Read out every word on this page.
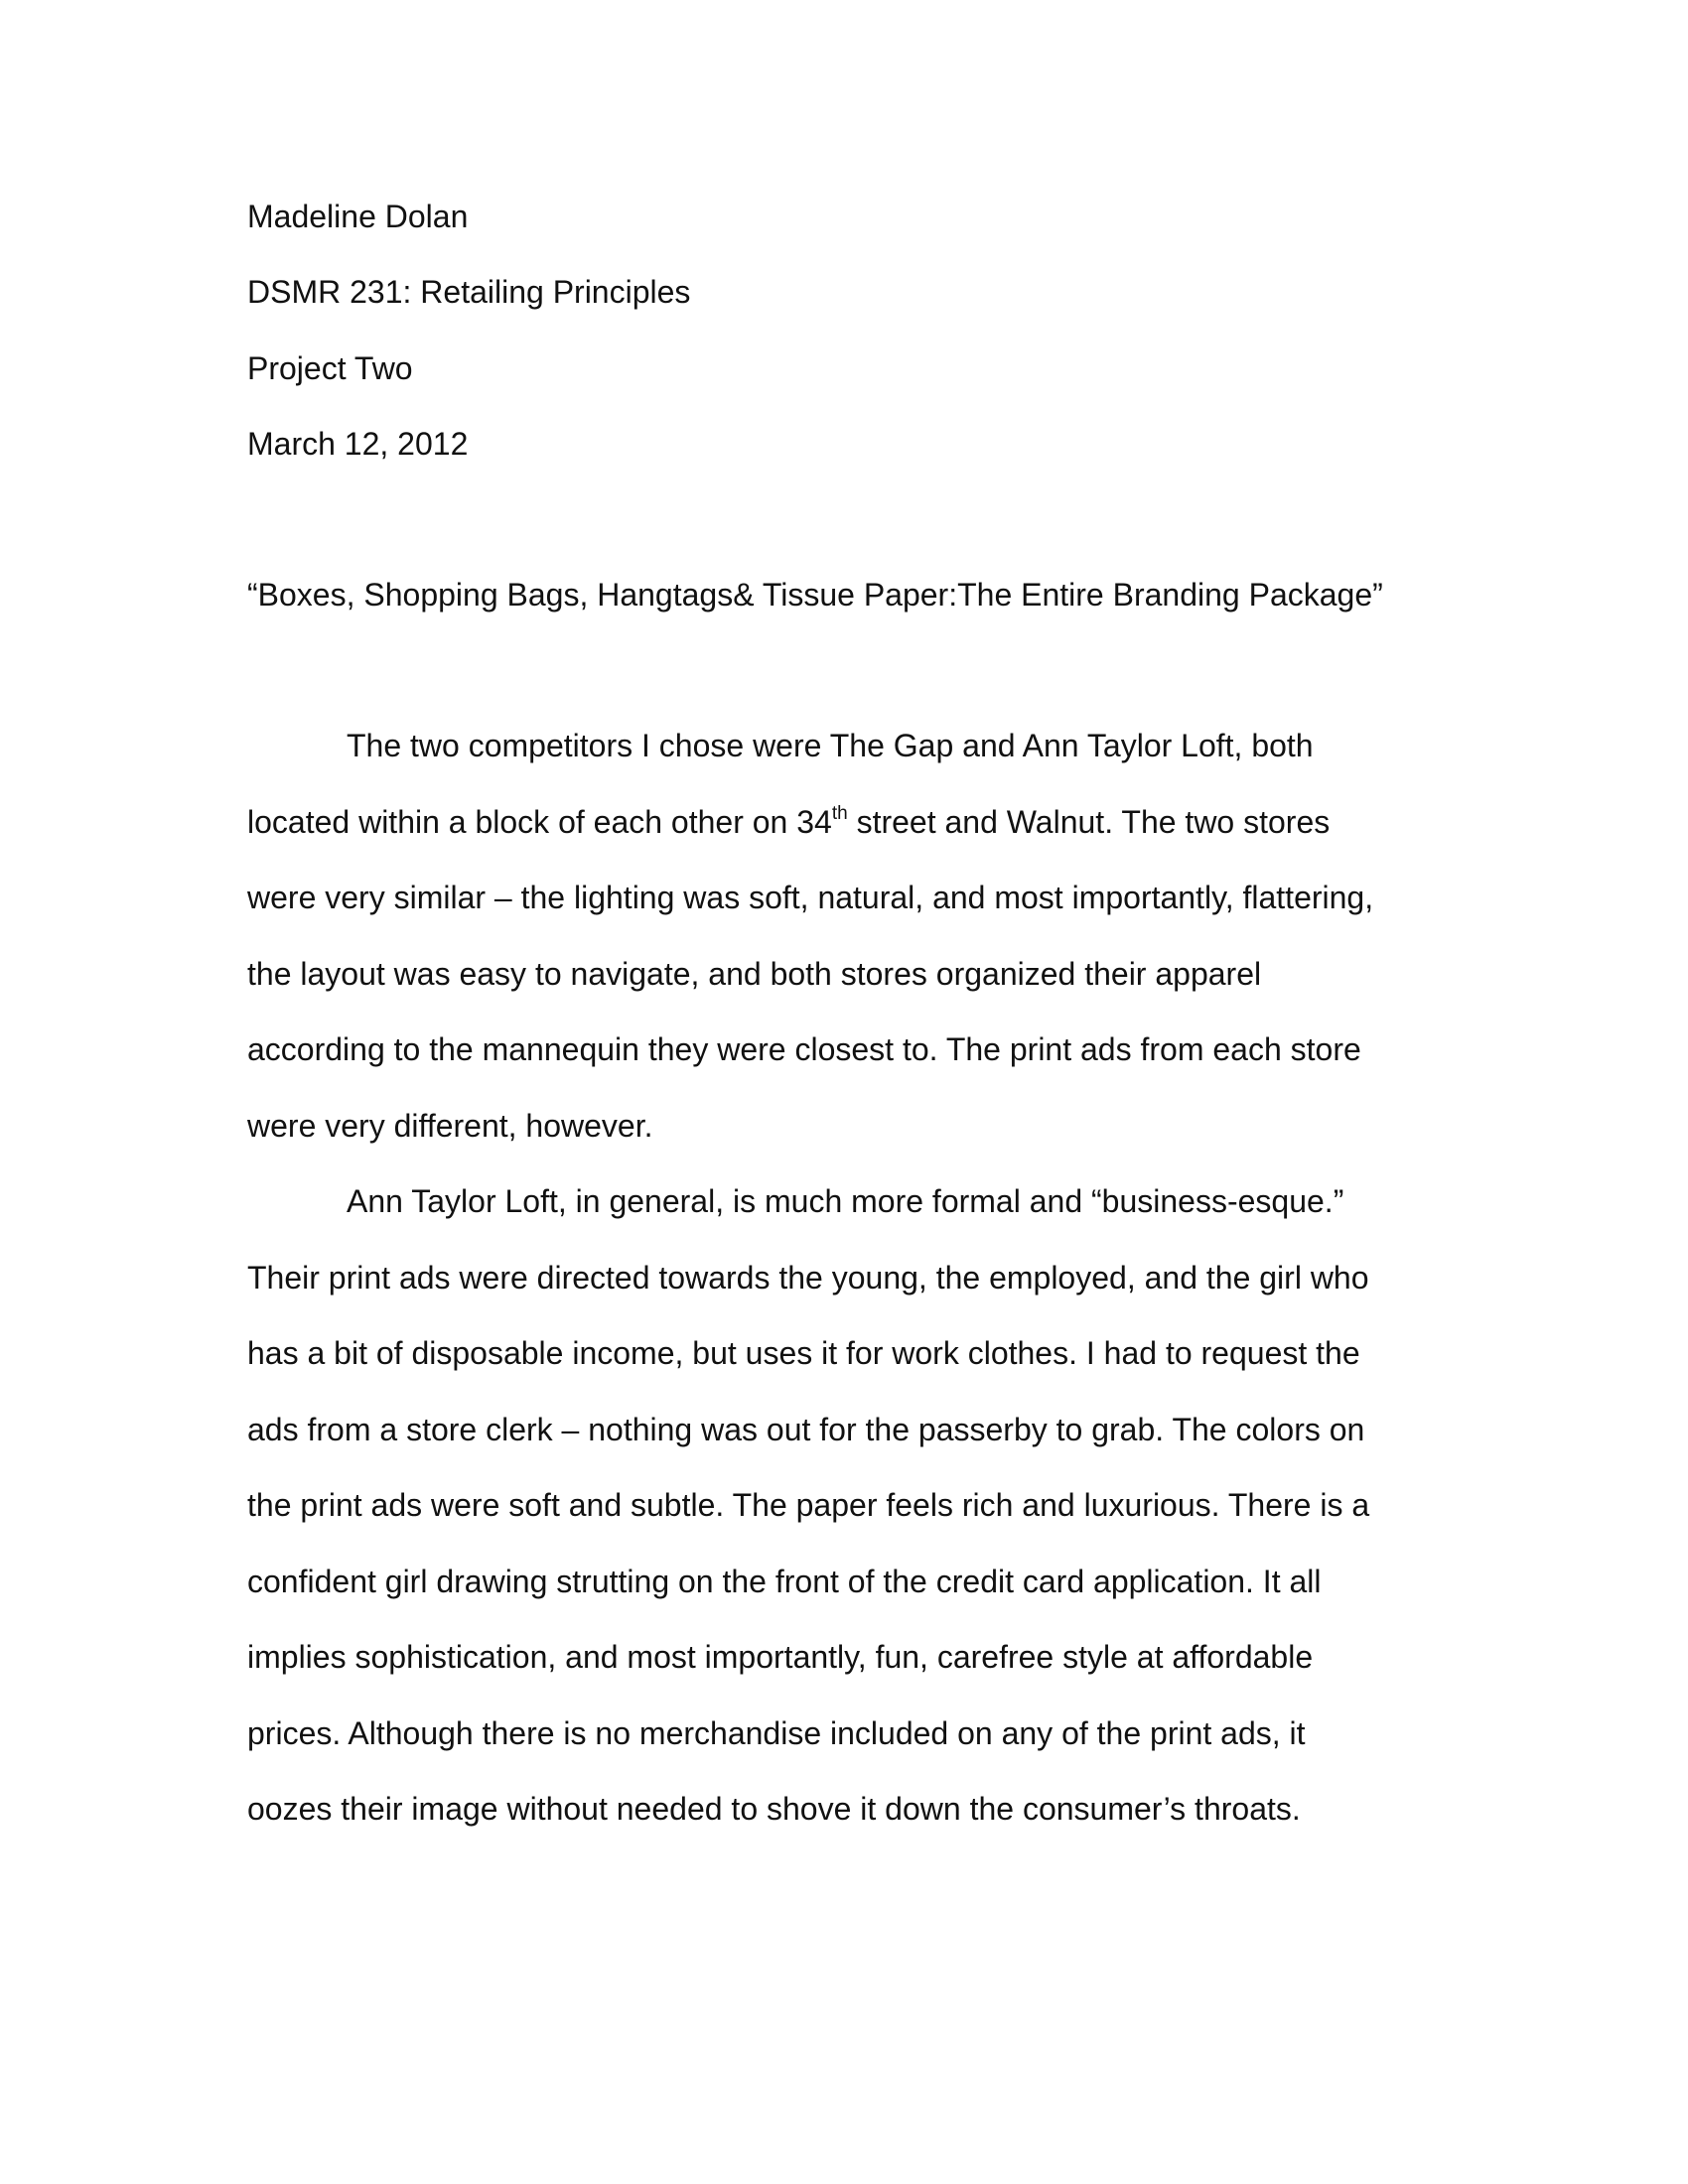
Madeline Dolan
DSMR 231: Retailing Principles
Project Two
March 12, 2012
“Boxes, Shopping Bags, Hangtags& Tissue Paper:The Entire Branding Package”
The two competitors I chose were The Gap and Ann Taylor Loft, both
located within a block of each other on 34th street and Walnut. The two stores
were very similar – the lighting was soft, natural, and most importantly, flattering,
the layout was easy to navigate, and both stores organized their apparel
according to the mannequin they were closest to. The print ads from each store
were very different, however.
Ann Taylor Loft, in general, is much more formal and “business-esque.”
Their print ads were directed towards the young, the employed, and the girl who
has a bit of disposable income, but uses it for work clothes. I had to request the
ads from a store clerk – nothing was out for the passerby to grab. The colors on
the print ads were soft and subtle. The paper feels rich and luxurious. There is a
confident girl drawing strutting on the front of the credit card application. It all
implies sophistication, and most importantly, fun, carefree style at affordable
prices. Although there is no merchandise included on any of the print ads, it
oozes their image without needed to shove it down the consumer’s throats.
